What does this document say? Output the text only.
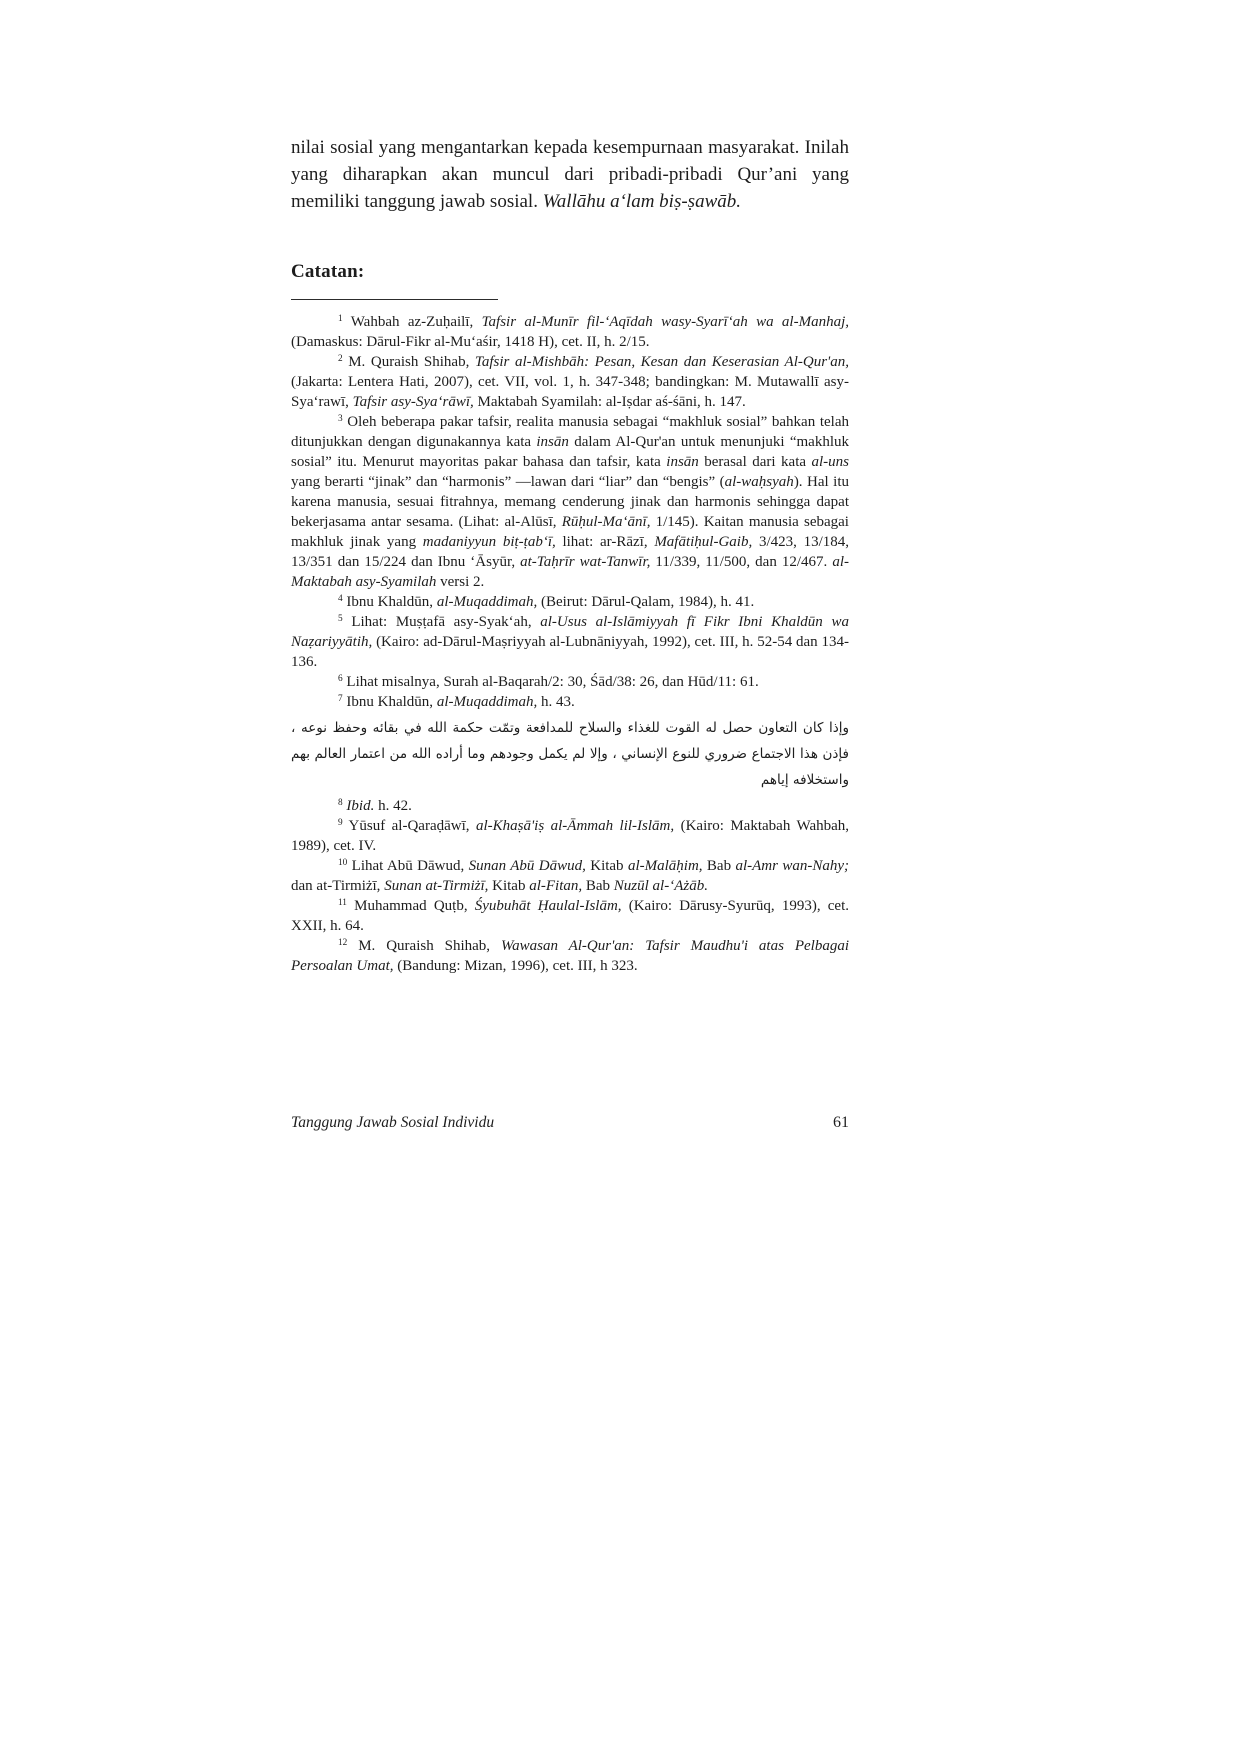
nilai sosial yang mengantarkan kepada kesempurnaan masyarakat. Inilah yang diharapkan akan muncul dari pribadi-pribadi Qur’ani yang memiliki tanggung jawab sosial. Wallāhu a‘lam biṣ-ṣawāb.

Catatan:

$^1$ Wahbah az-Zuḥailī, Tafsir al-Munīr fil-‘Aqīdah wasy-Syarī‘ah wa al-Manhaj, (Damaskus: Dārul-Fikr al-Mu‘aśir, 1418 H), cet. II, h. 2/15.

$^2$ M. Quraish Shihab, Tafsir al-Mishbāh: Pesan, Kesan dan Keserasian Al-Qur'an, (Jakarta: Lentera Hati, 2007), cet. VII, vol. 1, h. 347-348; bandingkan: M. Mutawallī asy-Sya‘rawī, Tafsir asy-Sya‘rāwī, Maktabah Syamilah: al-Iṣdar aś-śāni, h. 147.

$^3$ Oleh beberapa pakar tafsir, realita manusia sebagai “makhluk sosial” bahkan telah ditunjukkan dengan digunakannya kata insān dalam Al-Qur'an untuk menunjuki “makhluk sosial” itu. Menurut mayoritas pakar bahasa dan tafsir, kata insān berasal dari kata al-uns yang berarti “jinak” dan “harmonis” —lawan dari “liar” dan “bengis” (al-waḥsyah). Hal itu karena manusia, sesuai fitrahnya, memang cenderung jinak dan harmonis sehingga dapat bekerjasama antar sesama. (Lihat: al-Alūsī, Rūḥul-Ma‘ānī, 1/145). Kaitan manusia sebagai makhluk jinak yang madaniyyun biṭ-ṭab‘ī, lihat: ar-Rāzī, Mafātiḥul-Gaib, 3/423, 13/184, 13/351 dan 15/224 dan Ibnu ‘Āsyūr, at-Taḥrīr wat-Tanwīr, 11/339, 11/500, dan 12/467. al-Maktabah asy-Syamilah versi 2.

$^4$ Ibnu Khaldūn, al-Muqaddimah, (Beirut: Dārul-Qalam, 1984), h. 41.

$^5$ Lihat: Muṣṭafā asy-Syak‘ah, al-Usus al-Islāmiyyah fī Fikr Ibni Khaldūn wa Naẓariyyātih, (Kairo: ad-Dārul-Maṣriyyah al-Lubnāniyyah, 1992), cet. III, h. 52-54 dan 134-136.

$^6$ Lihat misalnya, Surah al-Baqarah/2: 30, Śād/38: 26, dan Hūd/11: 61.

$^7$ Ibnu Khaldūn, al-Muqaddimah, h. 43.

وإذا كان التعاون حصل له القوت للغذاء والسلاح للمدافعة وتمّت حكمة الله في بقائه وحفظ نوعه ، فإذن هذا الاجتماع ضروري للنوع الإنساني ، وإلا لم يكمل وجودهم وما أراده الله من اعتمار العالم بهم واستخلافه إياهم

$^8$ Ibid. h. 42.

$^9$ Yūsuf al-Qaraḍāwī, al-Khaṣā'iṣ al-Āmmah lil-Islām, (Kairo: Maktabah Wahbah, 1989), cet. IV.

$^{10}$ Lihat Abū Dāwud, Sunan Abū Dāwud, Kitab al-Malāḥim, Bab al-Amr wan-Nahy; dan at-Tirmiżī, Sunan at-Tirmiżī, Kitab al-Fitan, Bab Nuzūl al-‘Ażāb.

$^{11}$ Muhammad Quṭb, Śyubuhāt Ḥaulal-Islām, (Kairo: Dārusy-Syurūq, 1993), cet. XXII, h. 64.

$^{12}$ M. Quraish Shihab, Wawasan Al-Qur'an: Tafsir Maudhu'i atas Pelbagai Persoalan Umat, (Bandung: Mizan, 1996), cet. III, h 323.

Tanggung Jawab Sosial Individu	61
